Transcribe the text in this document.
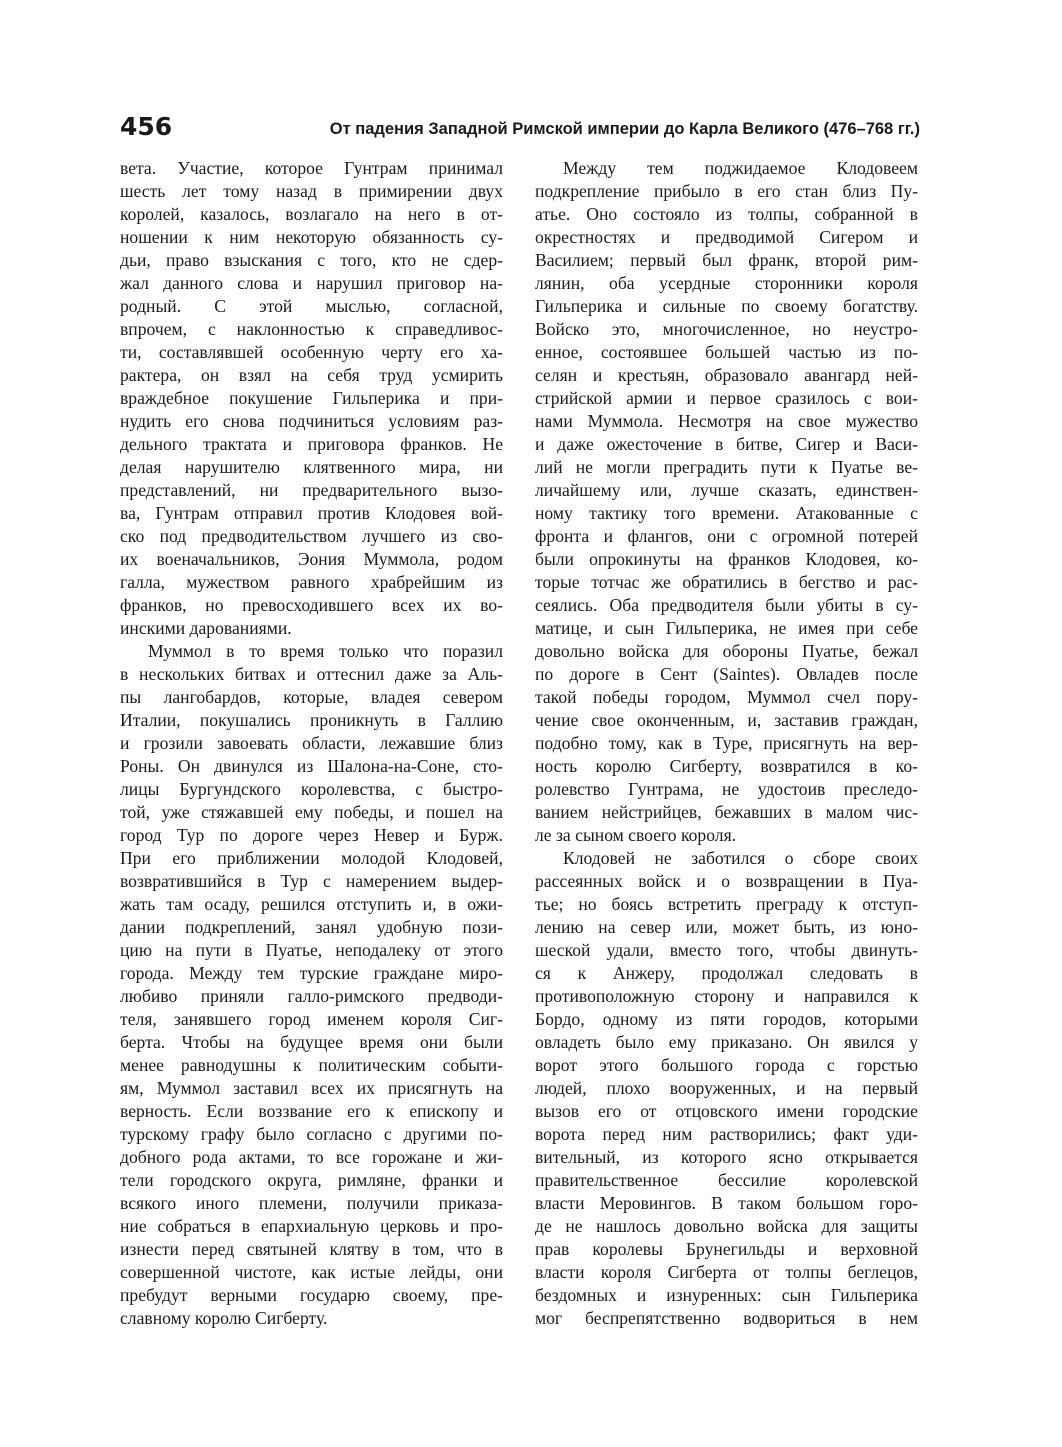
456	От падения Западной Римской империи до Карла Великого (476–768 гг.)
вета. Участие, которое Гунтрам принимал
шесть лет тому назад в примирении двух
королей, казалось, возлагало на него в от-
ношении к ним некоторую обязанность су-
дьи, право взыскания с того, кто не сдер-
жал данного слова и нарушил приговор на-
родный. С этой мыслью, согласной,
впрочем, с наклонностью к справедливос-
ти, составлявшей особенную черту его ха-
рактера, он взял на себя труд усмирить
враждебное покушение Гильперика и при-
нудить его снова подчиниться условиям раз-
дельного трактата и приговора франков. Не
делая нарушителю клятвенного мира, ни
представлений, ни предварительного вызо-
ва, Гунтрам отправил против Клодовея вой-
ско под предводительством лучшего из сво-
их военачальников, Эония Муммола, родом
галла, мужеством равного храбрейшим из
франков, но превосходившего всех их во-
инскими дарованиями.
Муммол в то время только что поразил
в нескольких битвах и оттеснил даже за Аль-
пы лангобардов, которые, владея севером
Италии, покушались проникнуть в Галлию
и грозили завоевать области, лежавшие близ
Роны. Он двинулся из Шалона-на-Соне, сто-
лицы Бургундского королевства, с быстро-
той, уже стяжавшей ему победы, и пошел на
город Тур по дороге через Невер и Бурж.
При его приближении молодой Клодовей,
возвратившийся в Тур с намерением выдер-
жать там осаду, решился отступить и, в ожи-
дании подкреплений, занял удобную пози-
цию на пути в Пуатье, неподалеку от этого
города. Между тем турские граждане миро-
любиво приняли галло-римского предводи-
теля, занявшего город именем короля Сиг-
берта. Чтобы на будущее время они были
менее равнодушны к политическим событи-
ям, Муммол заставил всех их присягнуть на
верность. Если воззвание его к епископу и
турскому графу было согласно с другими по-
добного рода актами, то все горожане и жи-
тели городского округа, римляне, франки и
всякого иного племени, получили приказа-
ние собраться в епархиальную церковь и про-
изнести перед святыней клятву в том, что в
совершенной чистоте, как истые лейды, они
пребудут верными государю своему, пре-
славному королю Сигберту.
Между тем поджидаемое Клодовеем
подкрепление прибыло в его стан близ Пу-
атье. Оно состояло из толпы, собранной в
окрестностях и предводимой Сигером и
Василием; первый был франк, второй рим-
лянин, оба усердные сторонники короля
Гильперика и сильные по своему богатству.
Войско это, многочисленное, но неустро-
енное, состоявшее большей частью из по-
селян и крестьян, образовало авангард ней-
стрийской армии и первое сразилось с вои-
нами Муммола. Несмотря на свое мужество
и даже ожесточение в битве, Сигер и Васи-
лий не могли преградить пути к Пуатье ве-
личайшему или, лучше сказать, единствен-
ному тактику того времени. Атакованные с
фронта и флангов, они с огромной потерей
были опрокинуты на франков Клодовея, ко-
торые тотчас же обратились в бегство и рас-
сеялись. Оба предводителя были убиты в су-
матице, и сын Гильперика, не имея при себе
довольно войска для обороны Пуатье, бежал
по дороге в Сент (Saintes). Овладев после
такой победы городом, Муммол счел пору-
чение свое оконченным, и, заставив граждан,
подобно тому, как в Туре, присягнуть на вер-
ность королю Сигберту, возвратился в ко-
ролевство Гунтрама, не удостоив преследо-
ванием нейстрийцев, бежавших в малом чис-
ле за сыном своего короля.
Клодовей не заботился о сборе своих
рассеянных войск и о возвращении в Пуа-
тье; но боясь встретить преграду к отступ-
лению на север или, может быть, из юно-
шеской удали, вместо того, чтобы двинуть-
ся к Анжеру, продолжал следовать в
противоположную сторону и направился к
Бордо, одному из пяти городов, которыми
овладеть было ему приказано. Он явился у
ворот этого большого города с горстью
людей, плохо вооруженных, и на первый
вызов его от отцовского имени городские
ворота перед ним растворились; факт уди-
вительный, из которого ясно открывается
правительственное бессилие королевской
власти Меровингов. В таком большом горо-
де не нашлось довольно войска для защиты
прав королевы Брунегильды и верховной
власти короля Сигберта от толпы беглецов,
бездомных и изнуренных: сын Гильперика
мог беспрепятственно водвориться в нем
